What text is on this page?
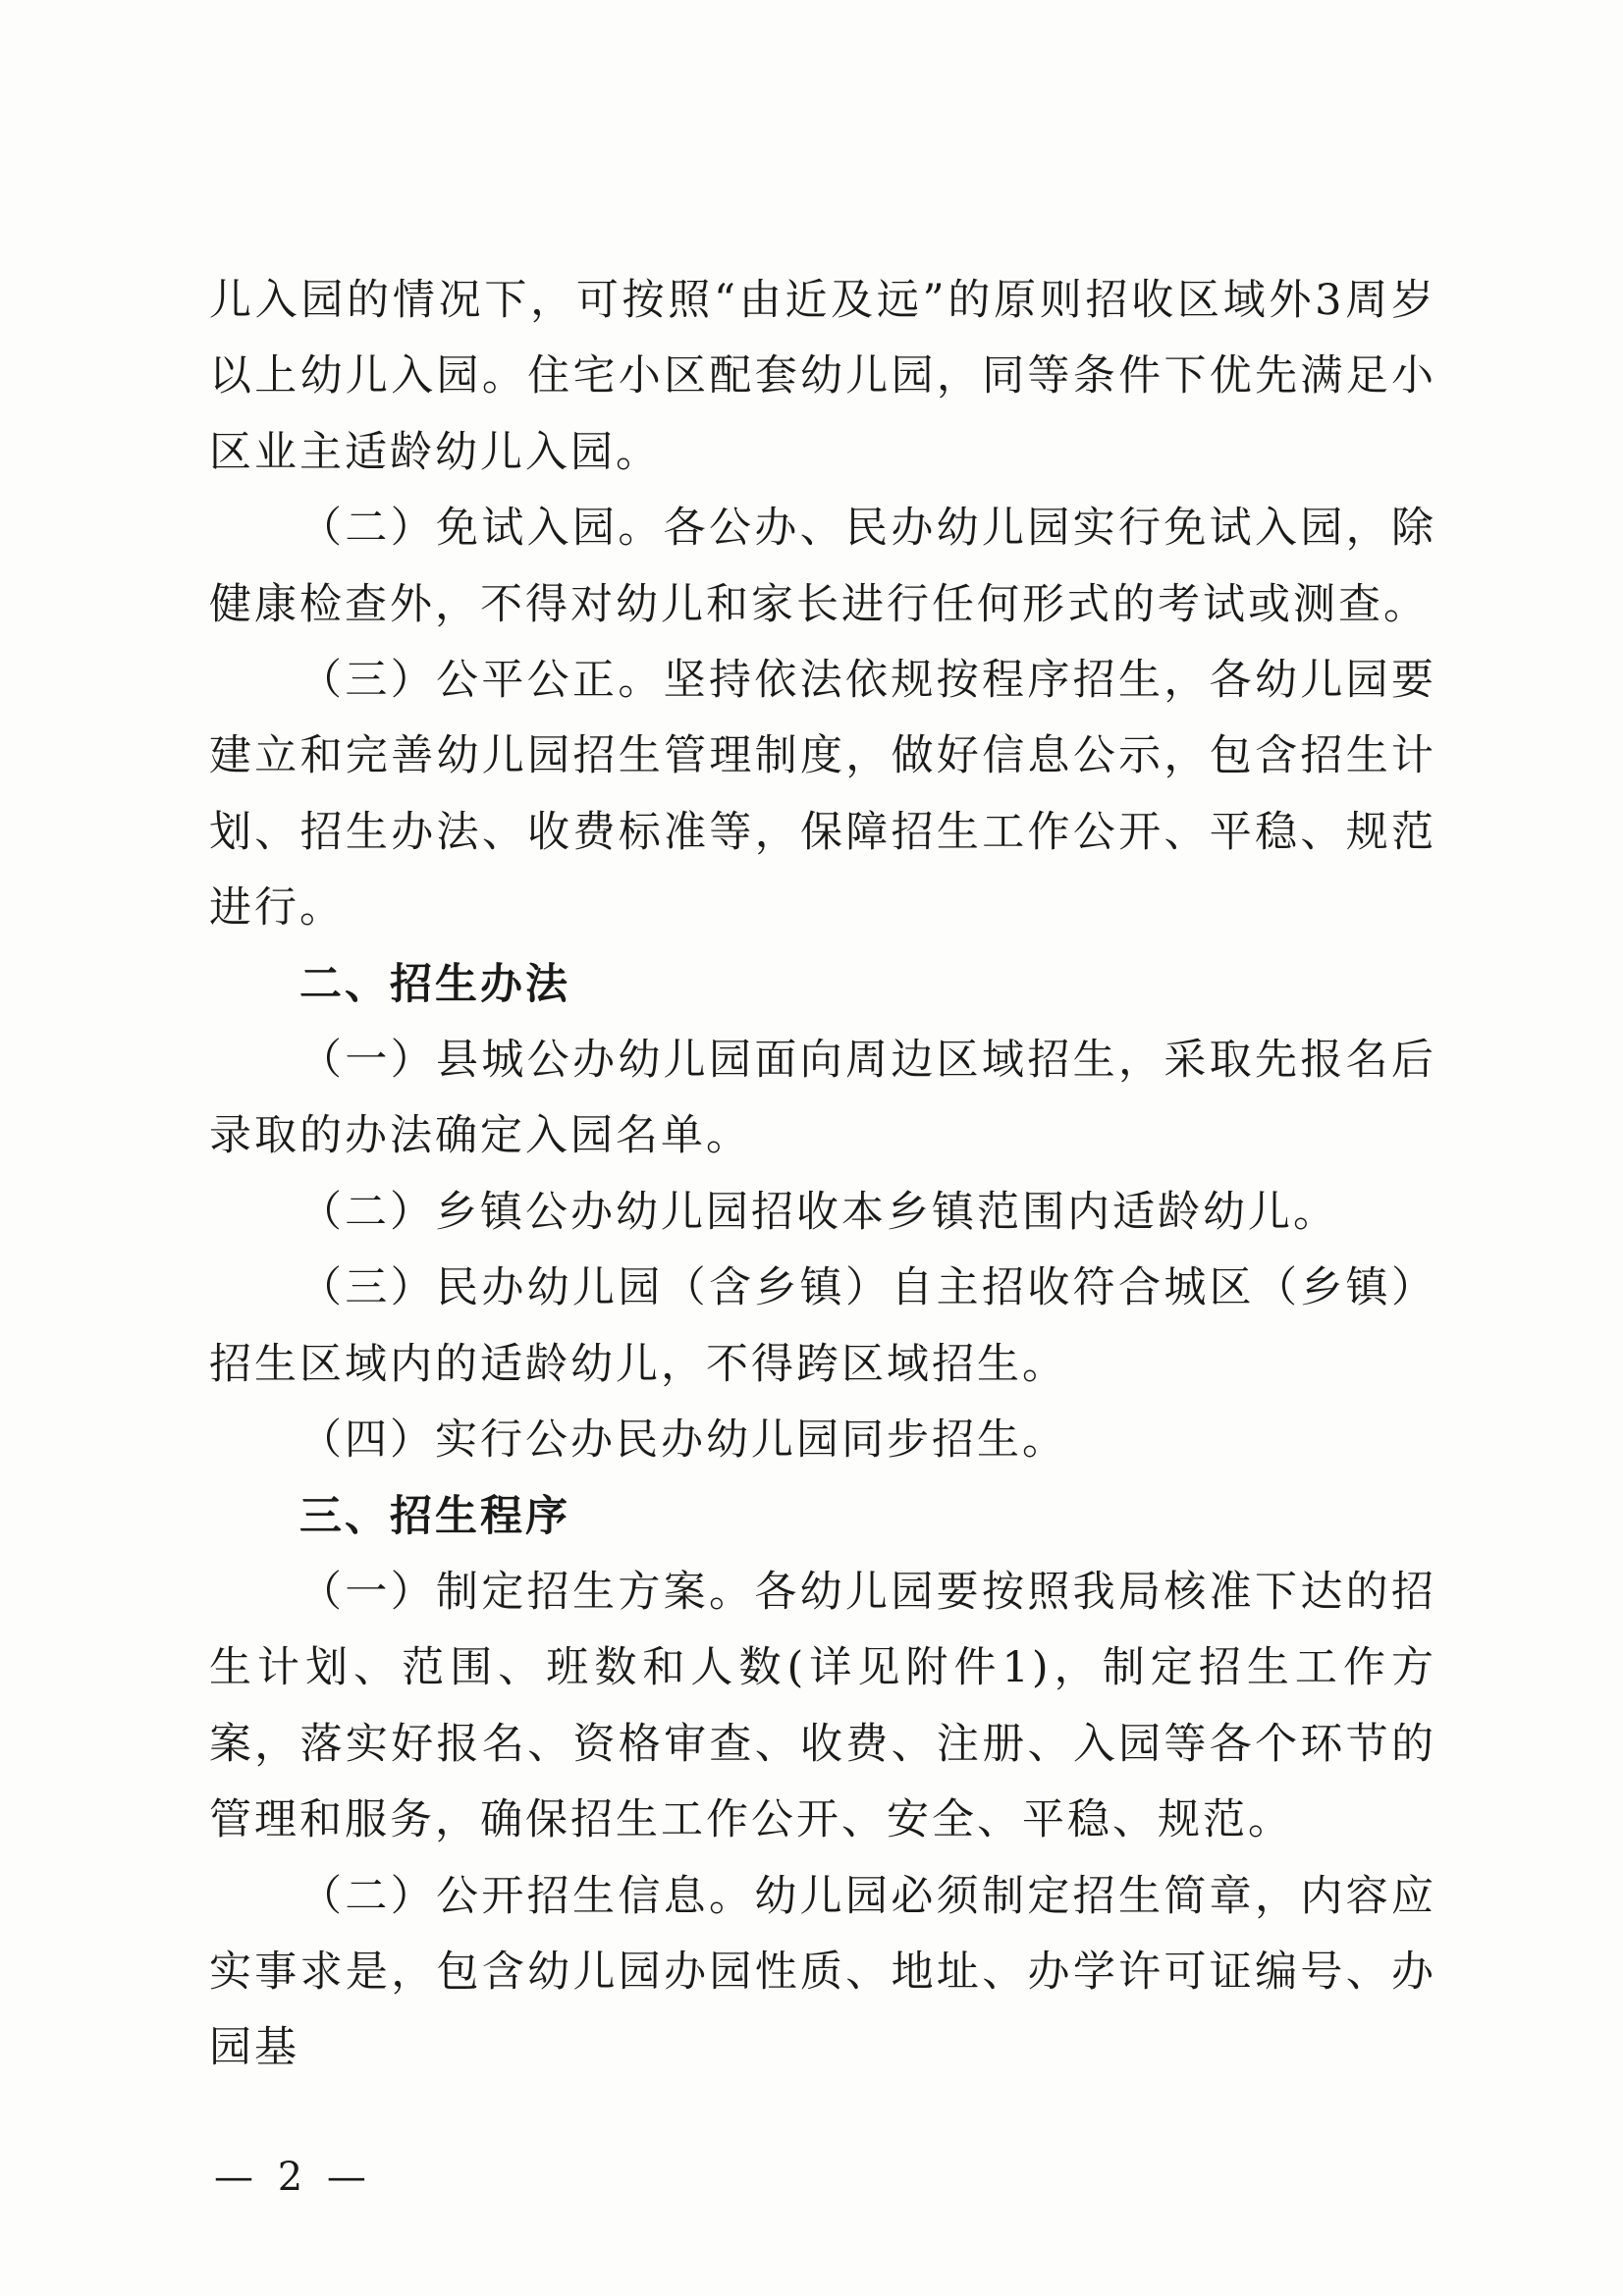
儿入园的情况下，可按照“由近及远”的原则招收区域外3周岁以上幼儿入园。住宅小区配套幼儿园，同等条件下优先满足小区业主适龄幼儿入园。

（二）免试入园。各公办、民办幼儿园实行免试入园，除健康检查外，不得对幼儿和家长进行任何形式的考试或测查。

（三）公平公正。坚持依法依规按程序招生，各幼儿园要建立和完善幼儿园招生管理制度，做好信息公示，包含招生计划、招生办法、收费标准等，保障招生工作公开、平稳、规范进行。

二、招生办法

（一）县城公办幼儿园面向周边区域招生，采取先报名后录取的办法确定入园名单。

（二）乡镇公办幼儿园招收本乡镇范围内适龄幼儿。

（三）民办幼儿园（含乡镇）自主招收符合城区（乡镇）招生区域内的适龄幼儿，不得跨区域招生。

（四）实行公办民办幼儿园同步招生。

三、招生程序

（一）制定招生方案。各幼儿园要按照我局核准下达的招生计划、范围、班数和人数(详见附件1)，制定招生工作方案，落实好报名、资格审查、收费、注册、入园等各个环节的管理和服务，确保招生工作公开、安全、平稳、规范。

（二）公开招生信息。幼儿园必须制定招生简章，内容应实事求是，包含幼儿园办园性质、地址、办学许可证编号、办园基

— 2 —
